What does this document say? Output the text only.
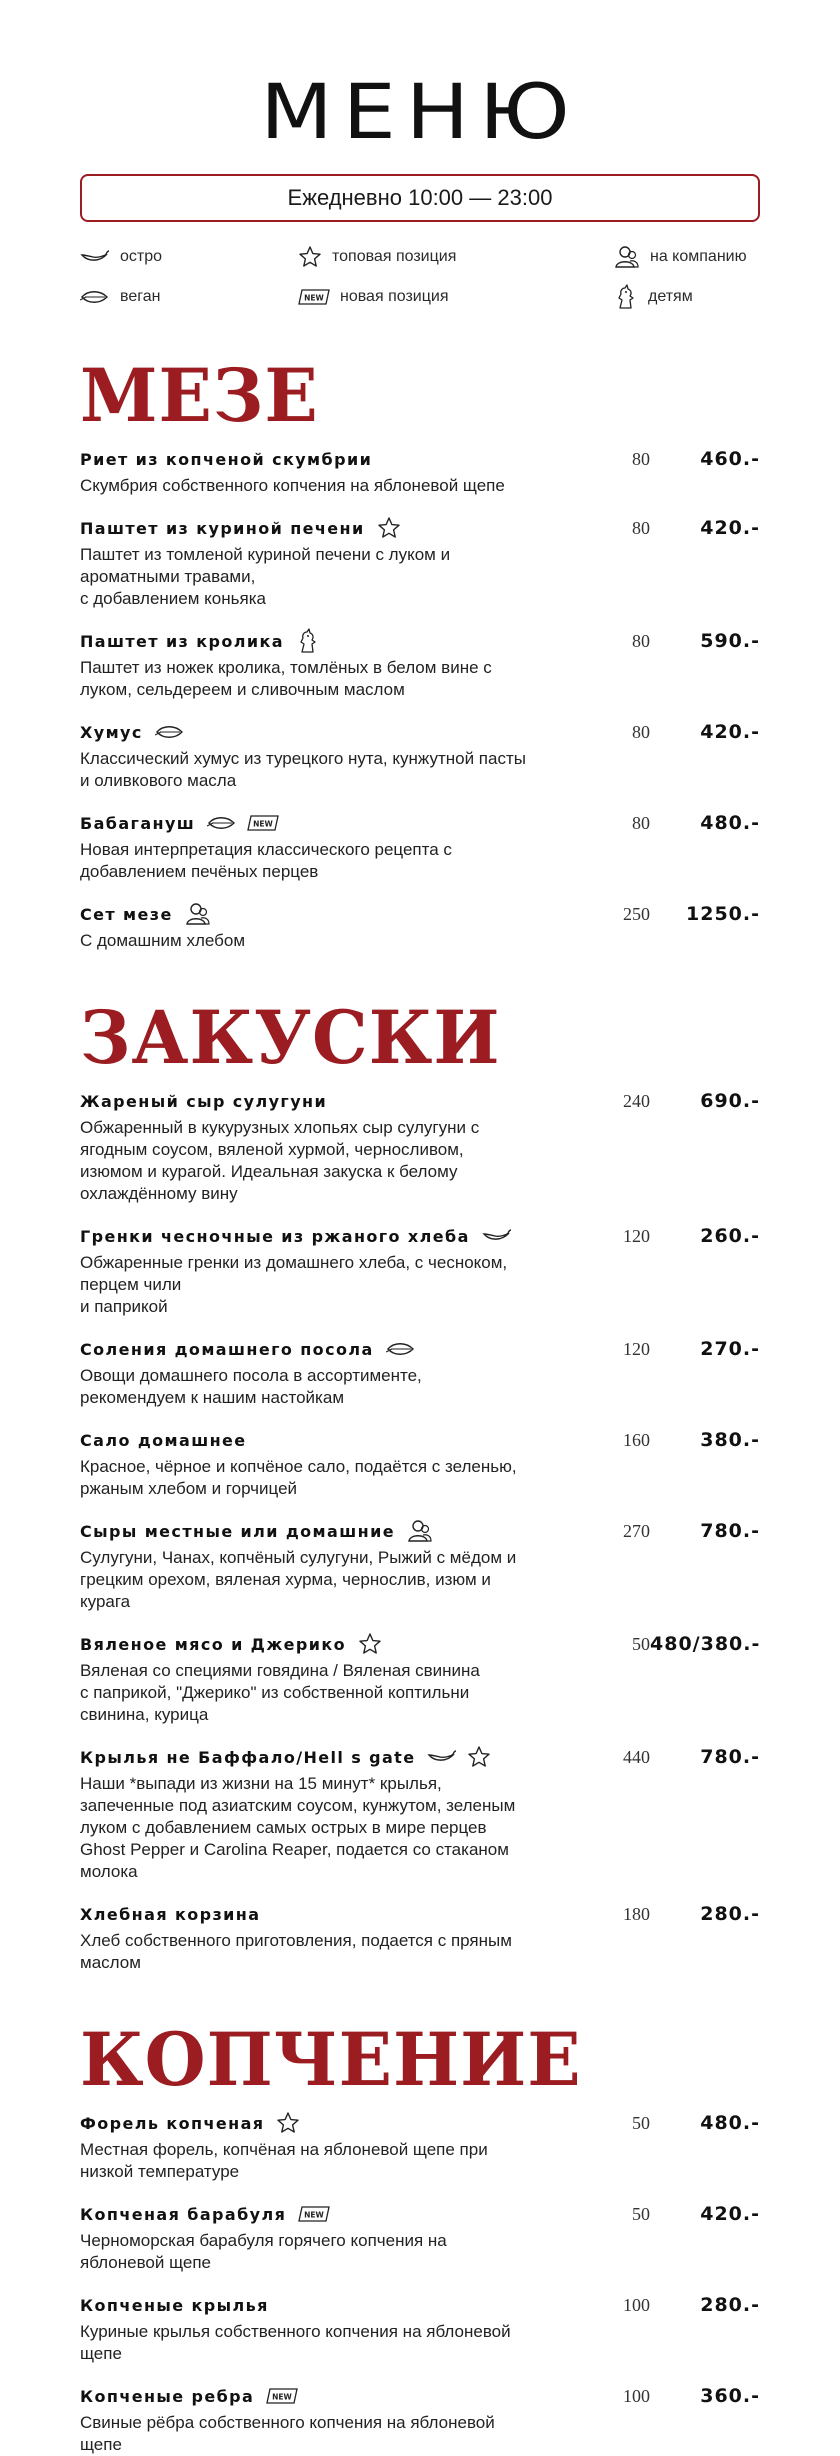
МЕНЮ
Ежедневно 10:00 — 23:00
остро	топовая позиция	на компанию
веган	NEW новая позиция	детям
МЕЗЕ
Риет из копченой скумбрии	80	460.-
Скумбрия собственного копчения на яблоневой щепе
Паштет из куриной печени	80	420.-
Паштет из томленой куриной печени с луком и
ароматными травами,
с добавлением коньяка
Паштет из кролика	80	590.-
Паштет из ножек кролика, томлёных в белом вине с
луком, сельдереем и сливочным маслом
Хумус	80	420.-
Классический хумус из турецкого нута, кунжутной пасты
и оливкового масла
Бабагануш	NEW	80	480.-
Новая интерпретация классического рецепта с
добавлением печёных перцев
Сет мезе	250	1250.-
С домашним хлебом
ЗАКУСКИ
Жареный сыр сулугуни	240	690.-
Обжаренный в кукурузных хлопьях сыр сулугуни с
ягодным соусом, вяленой хурмой, черносливом,
изюмом и курагой. Идеальная закуска к белому
охлаждённому вину
Гренки чесночные из ржаного хлеба	120	260.-
Обжаренные гренки из домашнего хлеба, с чесноком,
перцем чили
и паприкой
Соления домашнего посола	120	270.-
Овощи домашнего посола в ассортименте,
рекомендуем к нашим настойкам
Сало домашнее	160	380.-
Красное, чёрное и копчёное сало, подаётся с зеленью,
ржаным хлебом и горчицей
Сыры местные или домашние	270	780.-
Сулугуни, Чанах, копчёный сулугуни, Рыжий с мёдом и
грецким орехом, вяленая хурма, чернослив, изюм и
курага
Вяленое мясо и Джерико	50 480/380.-
Вяленая со специями говядина / Вяленая свинина
с паприкой, "Джерико" из собственной коптильни
свинина, курица
Крылья не Баффало/Hell s gate	440	780.-
Наши *выпади из жизни на 15 минут* крылья,
запеченные под азиатским соусом, кунжутом, зеленым
луком с добавлением самых острых в мире перцев
Ghost Pepper и Carolina Reaper, подается со стаканом
молока
Хлебная корзина	180	280.-
Хлеб собственного приготовления, подается с пряным
маслом
КОПЧЕНИЕ
Форель копченая	50	480.-
Местная форель, копчёная на яблоневой щепе при
низкой температуре
Копченая барабуля NEW	50	420.-
Черноморская барабуля горячего копчения на
яблоневой щепе
Копченые крылья	100	280.-
Куриные крылья собственного копчения на яблоневой
щепе
Копченые ребра NEW	100	360.-
Свиные рёбра собственного копчения на яблоневой
щепе
